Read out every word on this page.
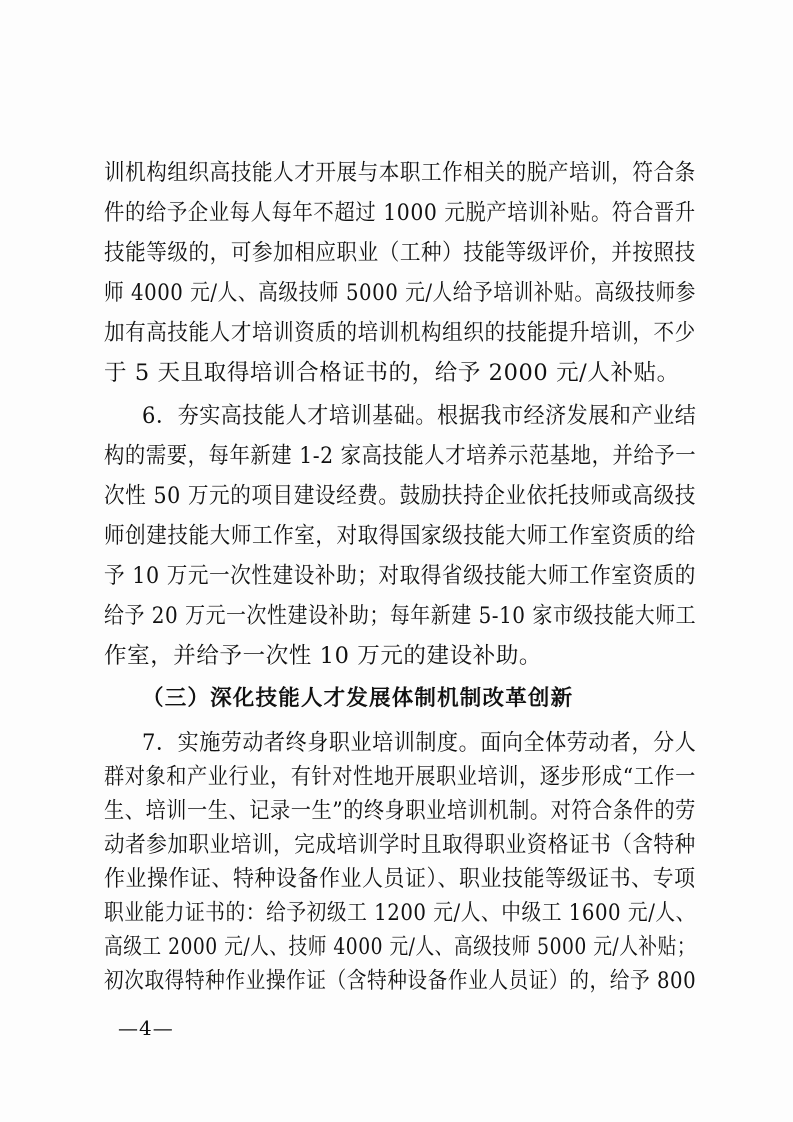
训机构组织高技能人才开展与本职工作相关的脱产培训，符合条
件的给予企业每人每年不超过 1000 元脱产培训补贴。符合晋升
技能等级的，可参加相应职业（工种）技能等级评价，并按照技
师 4000 元/人、高级技师 5000 元/人给予培训补贴。高级技师参
加有高技能人才培训资质的培训机构组织的技能提升培训，不少
于 5 天且取得培训合格证书的，给予 2000 元/人补贴。
6．夯实高技能人才培训基础。根据我市经济发展和产业结
构的需要，每年新建 1-2 家高技能人才培养示范基地，并给予一
次性 50 万元的项目建设经费。鼓励扶持企业依托技师或高级技
师创建技能大师工作室，对取得国家级技能大师工作室资质的给
予 10 万元一次性建设补助；对取得省级技能大师工作室资质的
给予 20 万元一次性建设补助；每年新建 5-10 家市级技能大师工
作室，并给予一次性 10 万元的建设补助。
（三）深化技能人才发展体制机制改革创新
7．实施劳动者终身职业培训制度。面向全体劳动者，分人
群对象和产业行业，有针对性地开展职业培训，逐步形成“工作一
生、培训一生、记录一生”的终身职业培训机制。对符合条件的劳
动者参加职业培训，完成培训学时且取得职业资格证书（含特种
作业操作证、特种设备作业人员证）、职业技能等级证书、专项
职业能力证书的：给予初级工 1200 元/人、中级工 1600 元/人、
高级工 2000 元/人、技师 4000 元/人、高级技师 5000 元/人补贴；
—4—
初次取得特种作业操作证（含特种设备作业人员证）的，给予 800
